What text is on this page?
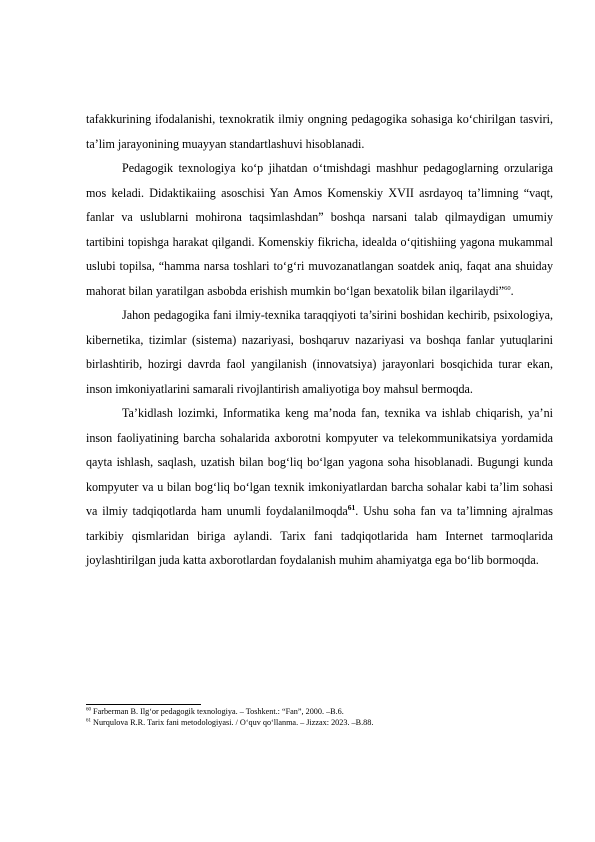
tafakkurining ifodalanishi, texnokratik ilmiy ongning pedagogika sohasiga ko‘chirilgan tasviri, ta’lim jarayonining muayyan standartlashuvi hisoblanadi.

Pedagogik texnologiya ko‘p jihatdan o‘tmishdagi mashhur pedagoglarning orzulariga mos keladi. Didaktikaiing asoschisi Yan Amos Komenskiy XVII asrdayoq ta’limning “vaqt, fanlar va uslublarni mohirona taqsimlashdan” boshqa narsani talab qilmaydigan umumiy tartibini topishga harakat qilgandi. Komenskiy fikricha, idealda o‘qitishiing yagona mukammal uslubi topilsa, “hamma narsa toshlari to‘g‘ri muvozanatlangan soatdek aniq, faqat ana shuiday mahorat bilan yaratilgan asbobda erishish mumkin bo‘lgan bexatolik bilan ilgarilaydi”$^{60}$.

Jahon pedagogika fani ilmiy-texnika taraqqiyoti ta’sirini boshidan kechirib, psixologiya, kibernetika, tizimlar (sistema) nazariyasi, boshqaruv nazariyasi va boshqa fanlar yutuqlarini birlashtirib, hozirgi davrda faol yangilanish (innovatsiya) jarayonlari bosqichida turar ekan, inson imkoniyatlarini samarali rivojlantirish amaliyotiga boy mahsul bermoqda.

Ta’kidlash lozimki, Informatika keng ma’noda fan, texnika va ishlab chiqarish, ya’ni inson faoliyatining barcha sohalarida axborotni kompyuter va telekommunikatsiya yordamida qayta ishlash, saqlash, uzatish bilan bog‘liq bo‘lgan yagona soha hisoblanadi. Bugungi kunda kompyuter va u bilan bog‘liq bo‘lgan texnik imkoniyatlardan barcha sohalar kabi ta’lim sohasi va ilmiy tadqiqotlarda ham unumli foydalanilmoqda$^{61}$. Ushu soha fan va ta’limning ajralmas tarkibiy qismlaridan biriga aylandi. Tarix fani tadqiqotlarida ham Internet tarmoqlarida joylashtirilgan juda katta axborotlardan foydalanish muhim ahamiyatga ega bo‘lib bormoqda.

$^{60}$ Farberman B. Ilg‘or pedagogik texnologiya. – Toshkent.: “Fan”, 2000. –B.6.

$^{61}$ Nurqulova R.R. Tarix fani metodologiyasi. / O‘quv qo‘llanma. – Jizzax: 2023. –B.88.
